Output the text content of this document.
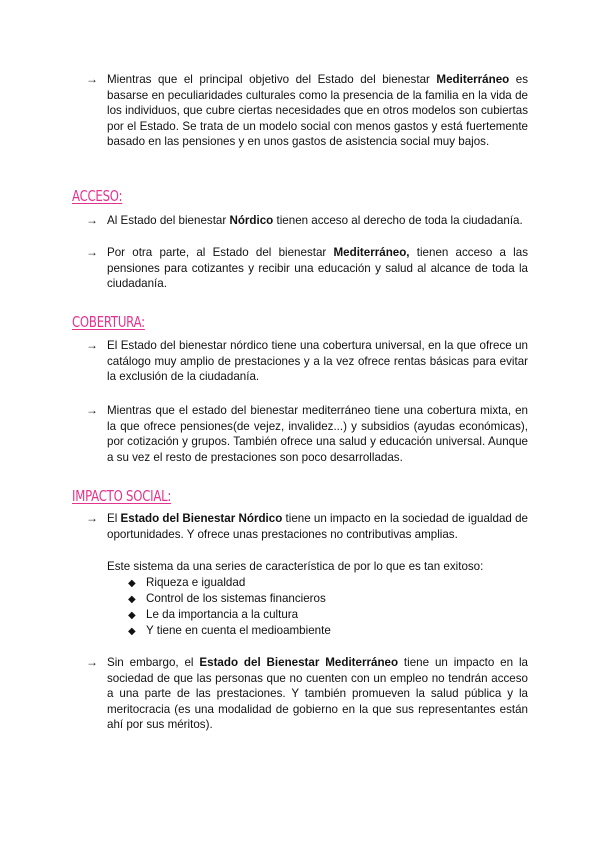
→ Mientras que el principal objetivo del Estado del bienestar Mediterráneo es basarse en peculiaridades culturales como la presencia de la familia en la vida de los individuos, que cubre ciertas necesidades que en otros modelos son cubiertas por el Estado. Se trata de un modelo social con menos gastos y está fuertemente basado en las pensiones y en unos gastos de asistencia social muy bajos.
ACCESO:
→ Al Estado del bienestar Nórdico tienen acceso al derecho de toda la ciudadanía.
→ Por otra parte, al Estado del bienestar Mediterráneo, tienen acceso a las pensiones para cotizantes y recibir una educación y salud al alcance de toda la ciudadanía.
COBERTURA:
→ El Estado del bienestar nórdico tiene una cobertura universal, en la que ofrece un catálogo muy amplio de prestaciones y a la vez ofrece rentas básicas para evitar la exclusión de la ciudadanía.
→ Mientras que el estado del bienestar mediterráneo tiene una cobertura mixta, en la que ofrece pensiones(de vejez, invalidez...) y subsidios (ayudas económicas), por cotización y grupos. También ofrece una salud y educación universal. Aunque a su vez el resto de prestaciones son poco desarrolladas.
IMPACTO SOCIAL:
→ El Estado del Bienestar Nórdico tiene un impacto en la sociedad de igualdad de oportunidades. Y ofrece unas prestaciones no contributivas amplias.
Este sistema da una series de característica de por lo que es tan exitoso:
◆ Riqueza e igualdad
◆ Control de los sistemas financieros
◆ Le da importancia a la cultura
◆ Y tiene en cuenta el medioambiente
→ Sin embargo, el Estado del Bienestar Mediterráneo tiene un impacto en la sociedad de que las personas que no cuenten con un empleo no tendrán acceso a una parte de las prestaciones. Y también promueven la salud pública y la meritocracia (es una modalidad de gobierno en la que sus representantes están ahí por sus méritos).
